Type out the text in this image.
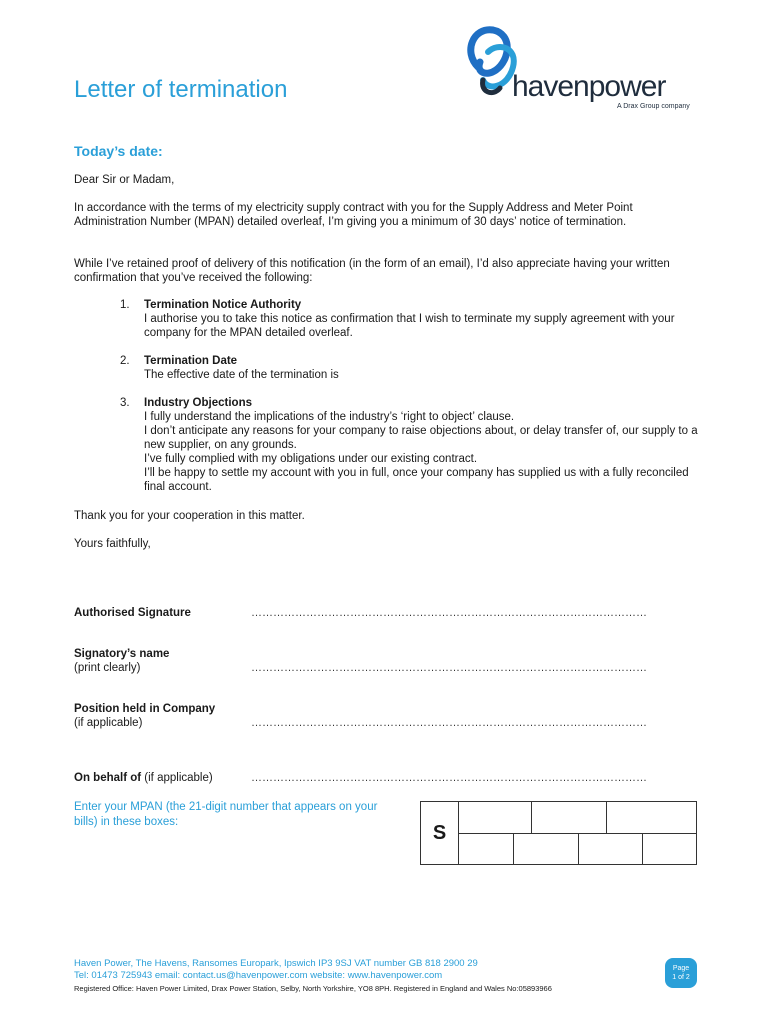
Letter of termination	havenpower
A Drax Group company
Today’s date:
Dear Sir or Madam,
In accordance with the terms of my electricity supply contract with you for the Supply Address and Meter Point Administration Number (MPAN) detailed overleaf, I’m giving you a minimum of 30 days’ notice of termination.
While I’ve retained proof of delivery of this notification (in the form of an email), I’d also appreciate having your written confirmation that you’ve received the following:
1. Termination Notice Authority
I authorise you to take this notice as confirmation that I wish to terminate my supply agreement with your company for the MPAN detailed overleaf.
2. Termination Date
The effective date of the termination is
3. Industry Objections
I fully understand the implications of the industry’s ‘right to object’ clause.
I don’t anticipate any reasons for your company to raise objections about, or delay transfer of, our supply to a new supplier, on any grounds.
I’ve fully complied with my obligations under our existing contract.
I’ll be happy to settle my account with you in full, once your company has supplied us with a fully reconciled final account.
Thank you for your cooperation in this matter.
Yours faithfully,
Authorised Signature	………………………………………………………………………………………………
Signatory’s name
(print clearly)	………………………………………………………………………………………………
Position held in Company
(if applicable)	………………………………………………………………………………………………
On behalf of (if applicable)	………………………………………………………………………………………………
Enter your MPAN (the 21-digit number that appears on your bills) in these boxes:	S
Haven Power, The Havens, Ransomes Europark, Ipswich IP3 9SJ VAT number GB 818 2900 29
Tel: 01473 725943 email: contact.us@havenpower.com website: www.havenpower.com
Registered Office: Haven Power Limited, Drax Power Station, Selby, North Yorkshire, YO8 8PH. Registered in England and Wales No:05893966
Page
1 of 2
